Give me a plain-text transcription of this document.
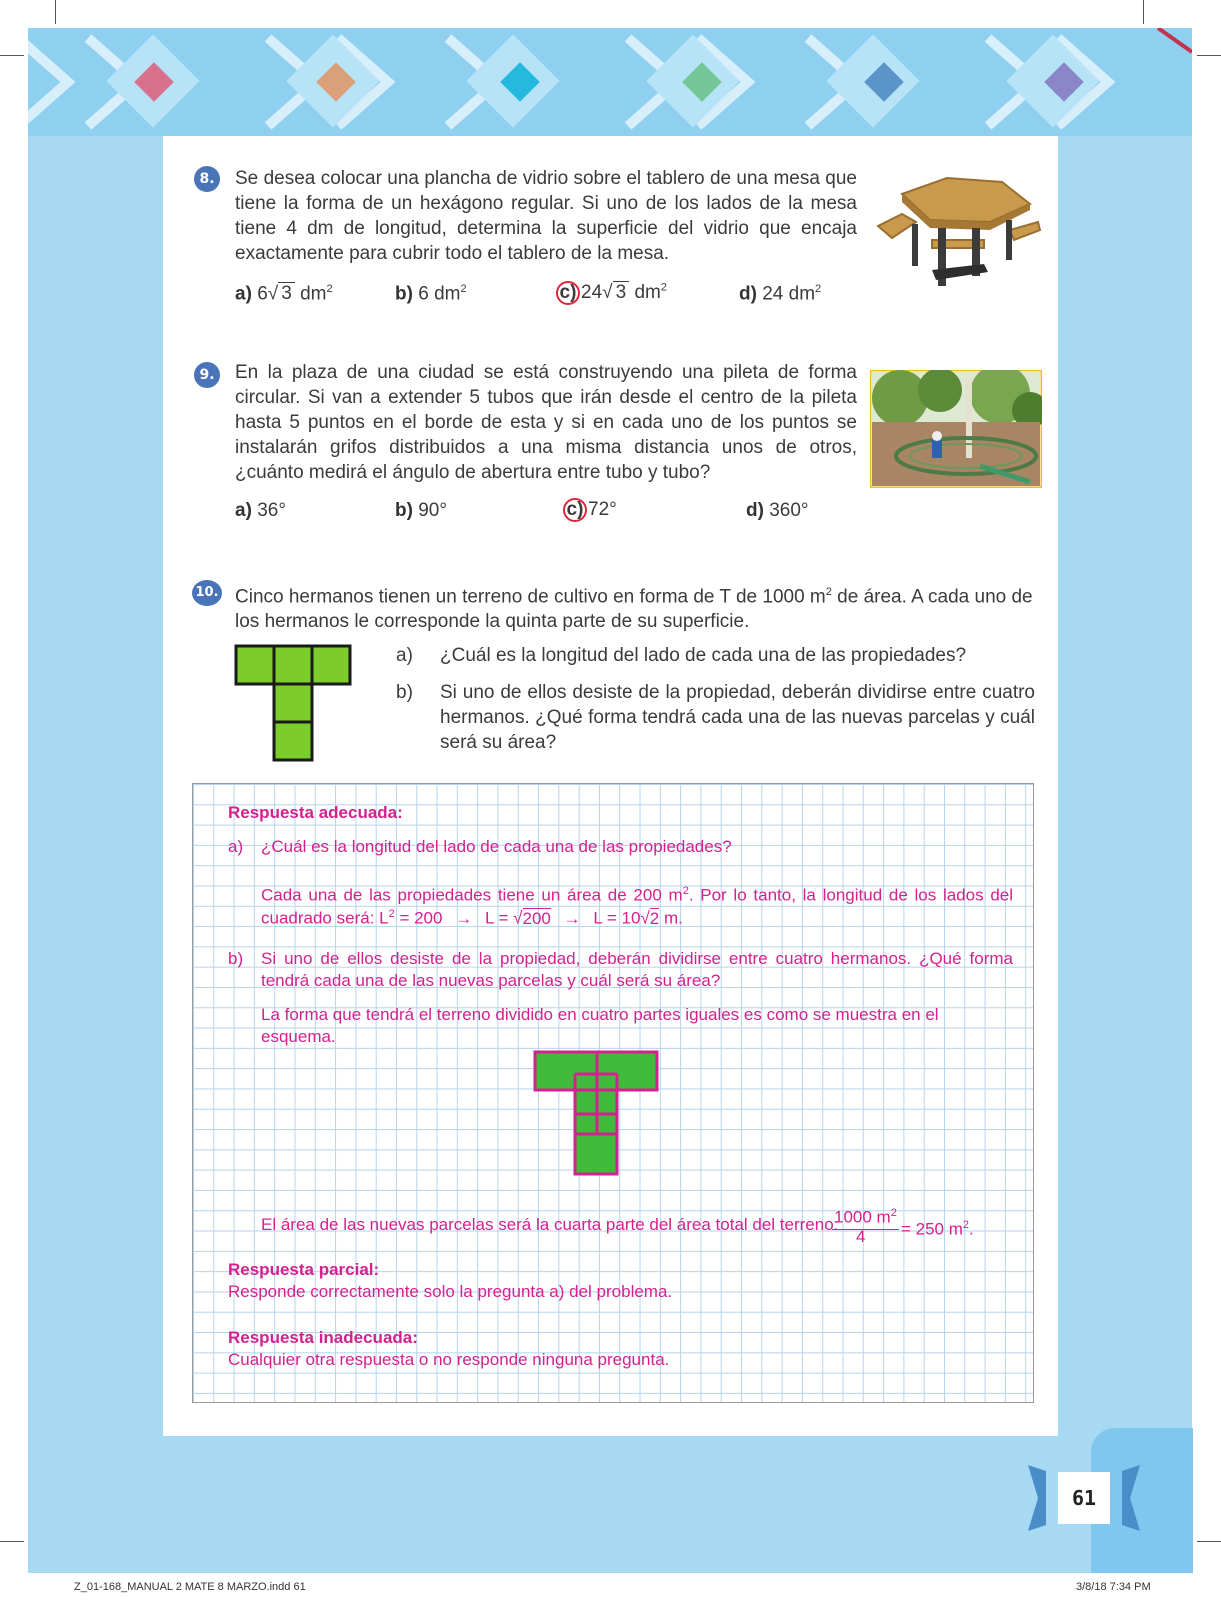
8. Se desea colocar una plancha de vidrio sobre el tablero de una mesa que tiene la forma de un hexágono regular. Si uno de los lados de la mesa tiene 4 dm de longitud, determina la superficie del vidrio que encaja exactamente para cubrir todo el tablero de la mesa.
a) 6√ 3 $dm^2$	b) 6 $dm^2$	c) 24√ 3 $dm^2$	d) 24 $dm^2$
9. En la plaza de una ciudad se está construyendo una pileta de forma circular. Si van a extender 5 tubos que irán desde el centro de la pileta hasta 5 puntos en el borde de esta y si en cada uno de los puntos se instalarán grifos distribuidos a una misma distancia unos de otros, ¿cuánto medirá el ángulo de abertura entre tubo y tubo?
a) 36°	b) 90°	c) 72°	d) 360°
10. Cinco hermanos tienen un terreno de cultivo en forma de T de 1000 $m^2$ de área. A cada uno de los hermanos le corresponde la quinta parte de su superficie.
a) ¿Cuál es la longitud del lado de cada una de las propiedades?
b) Si uno de ellos desiste de la propiedad, deberán dividirse entre cuatro hermanos. ¿Qué forma tendrá cada una de las nuevas parcelas y cuál será su área?
Respuesta adecuada:
a) ¿Cuál es la longitud del lado de cada una de las propiedades?
Cada una de las propiedades tiene un área de 200 $m^2$. Por lo tanto, la longitud de los lados del
cuadrado será: $L^2 = 200 \to L = √200 \to L = 10√2$ m.
b) Si uno de ellos desiste de la propiedad, deberán dividirse entre cuatro hermanos. ¿Qué forma tendrá cada una de las nuevas parcelas y cuál será su área?
La forma que tendrá el terreno dividido en cuatro partes iguales es como se muestra en el esquema.
El área de las nuevas parcelas será la cuarta parte del área total del terreno:
1000 $m^2$
4 = 250 $m^2$.
Respuesta parcial:
Responde correctamente solo la pregunta a) del problema.
Respuesta inadecuada:
Cualquier otra respuesta o no responde ninguna pregunta.
61
Z_01-168_MANUAL 2 MATE 8 MARZO.indd 61	3/8/18 7:34 PM
